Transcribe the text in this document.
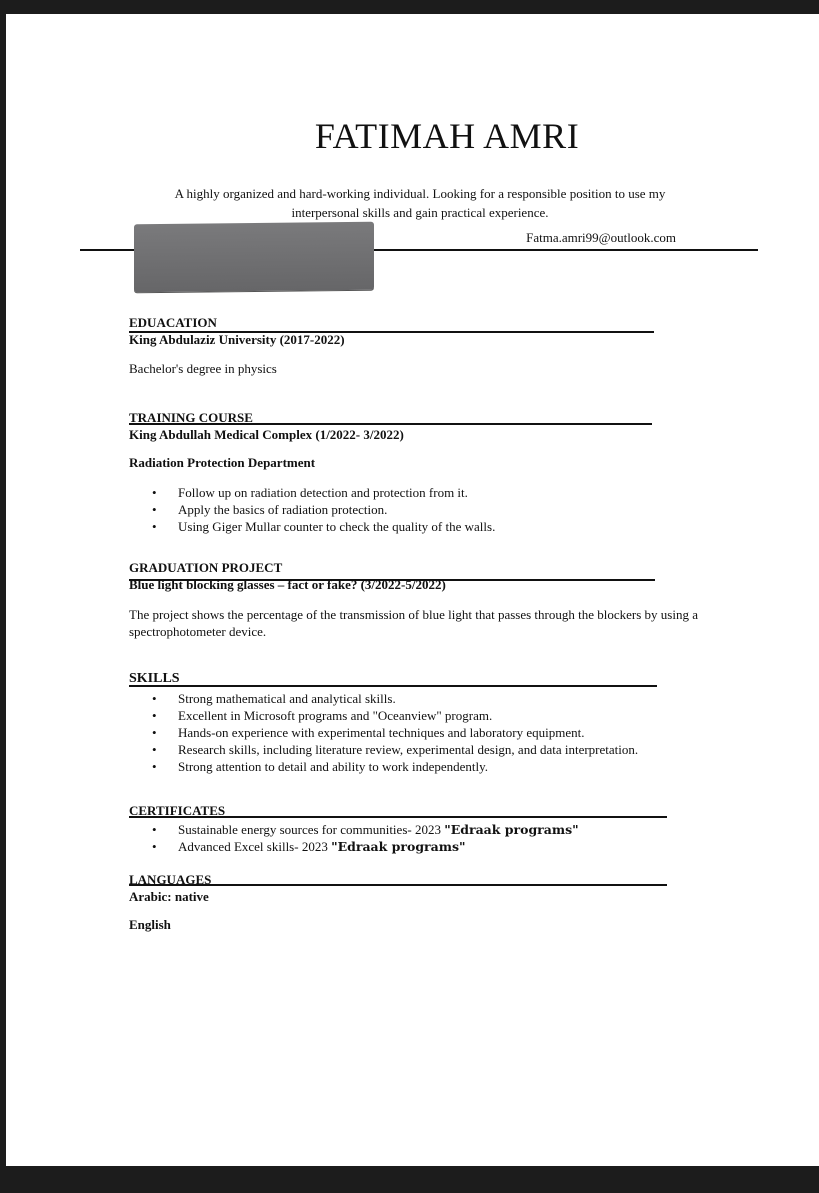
FATIMAH AMRI
A highly organized and hard-working individual. Looking for a responsible position to use my interpersonal skills and gain practical experience.
Fatma.amri99@outlook.com
EDUACATION
King Abdulaziz University (2017-2022)
Bachelor's degree in physics
TRAINING COURSE
King Abdullah Medical Complex (1/2022- 3/2022)
Radiation Protection Department
• Follow up on radiation detection and protection from it.
• Apply the basics of radiation protection.
• Using Giger Mullar counter to check the quality of the walls.
GRADUATION PROJECT
Blue light blocking glasses – fact or fake? (3/2022-5/2022)
The project shows the percentage of the transmission of blue light that passes through the blockers by using a spectrophotometer device.
SKILLS
• Strong mathematical and analytical skills.
• Excellent in Microsoft programs and "Oceanview" program.
• Hands-on experience with experimental techniques and laboratory equipment.
• Research skills, including literature review, experimental design, and data interpretation.
• Strong attention to detail and ability to work independently.
CERTIFICATES
• Sustainable energy sources for communities- 2023 "Edraak programs"
• Advanced Excel skills- 2023 "Edraak programs"
LANGUAGES
Arabic: native
English
